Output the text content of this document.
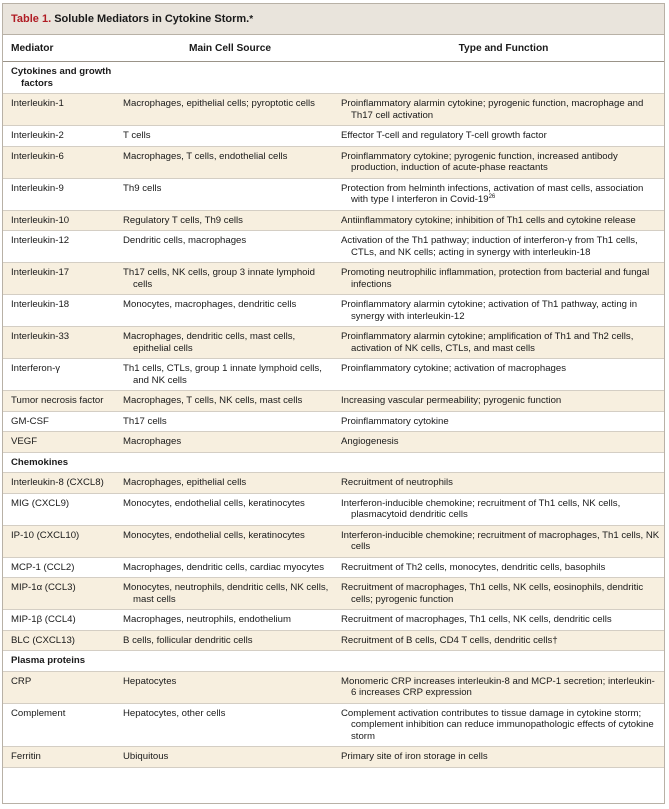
Table 1.
Soluble Mediators in Cytokine Storm. *
Mediator	Main Cell Source	Type and Function

Cytokines and growth factors		

Interleukin-1	Macrophages, epithelial cells; pyroptotic cells	Proinflammatory alarmin cytokine; pyrogenic function, macrophage and Th17 cell activation

Interleukin-2	T cells	Effector T-cell and regulatory T-cell growth factor

Interleukin-6	Macrophages, T cells, endothelial cells	Proinflammatory cytokine; pyrogenic function, increased antibody production, induction of acute-phase reactants

Interleukin-9	Th9 cells	Protection from helminth infections, activation of mast cells, association with type I interferon in Covid-19$^{26}$

Interleukin-10	Regulatory T cells, Th9 cells	Antiinflammatory cytokine; inhibition of Th1 cells and cytokine release

Interleukin-12	Dendritic cells, macrophages	Activation of the Th1 pathway; induction of interferon-γ from Th1 cells, CTLs, and NK cells; acting in synergy with interleukin-18

Interleukin-17	Th17 cells, NK cells, group 3 innate lymphoid cells	Promoting neutrophilic inflammation, protection from bacterial and fungal infections

Interleukin-18	Monocytes, macrophages, dendritic cells	Proinflammatory alarmin cytokine; activation of Th1 pathway, acting in synergy with interleukin-12

Interleukin-33	Macrophages, dendritic cells, mast cells, epithelial cells	Proinflammatory alarmin cytokine; amplification of Th1 and Th2 cells, activation of NK cells, CTLs, and mast cells

Interferon-γ	Th1 cells, CTLs, group 1 innate lymphoid cells, and NK cells	Proinflammatory cytokine; activation of macrophages

Tumor necrosis factor	Macrophages, T cells, NK cells, mast cells	Increasing vascular permeability; pyrogenic function

GM-CSF	Th17 cells	Proinflammatory cytokine

VEGF	Macrophages	Angiogenesis

Chemokines		

Interleukin-8 (CXCL8)	Macrophages, epithelial cells	Recruitment of neutrophils

MIG (CXCL9)	Monocytes, endothelial cells, keratinocytes	Interferon-inducible chemokine; recruitment of Th1 cells, NK cells, plasmacytoid dendritic cells

IP-10 (CXCL10)	Monocytes, endothelial cells, keratinocytes	Interferon-inducible chemokine; recruitment of macrophages, Th1 cells, NK cells

MCP-1 (CCL2)	Macrophages, dendritic cells, cardiac myocytes	Recruitment of Th2 cells, monocytes, dendritic cells, basophils

MIP-1α (CCL3)	Monocytes, neutrophils, dendritic cells, NK cells, mast cells	Recruitment of macrophages, Th1 cells, NK cells, eosinophils, dendritic cells; pyrogenic function

MIP-1β (CCL4)	Macrophages, neutrophils, endothelium	Recruitment of macrophages, Th1 cells, NK cells, dendritic cells

BLC (CXCL13)	B cells, follicular dendritic cells	Recruitment of B cells, CD4 T cells, dendritic cells†

Plasma proteins		

CRP	Hepatocytes	Monomeric CRP increases interleukin-8 and MCP-1 secretion; interleukin-6 increases CRP expression

Complement	Hepatocytes, other cells	Complement activation contributes to tissue damage in cytokine storm; complement inhibition can reduce immunopathologic effects of cytokine storm

Ferritin	Ubiquitous	Primary site of iron storage in cells
